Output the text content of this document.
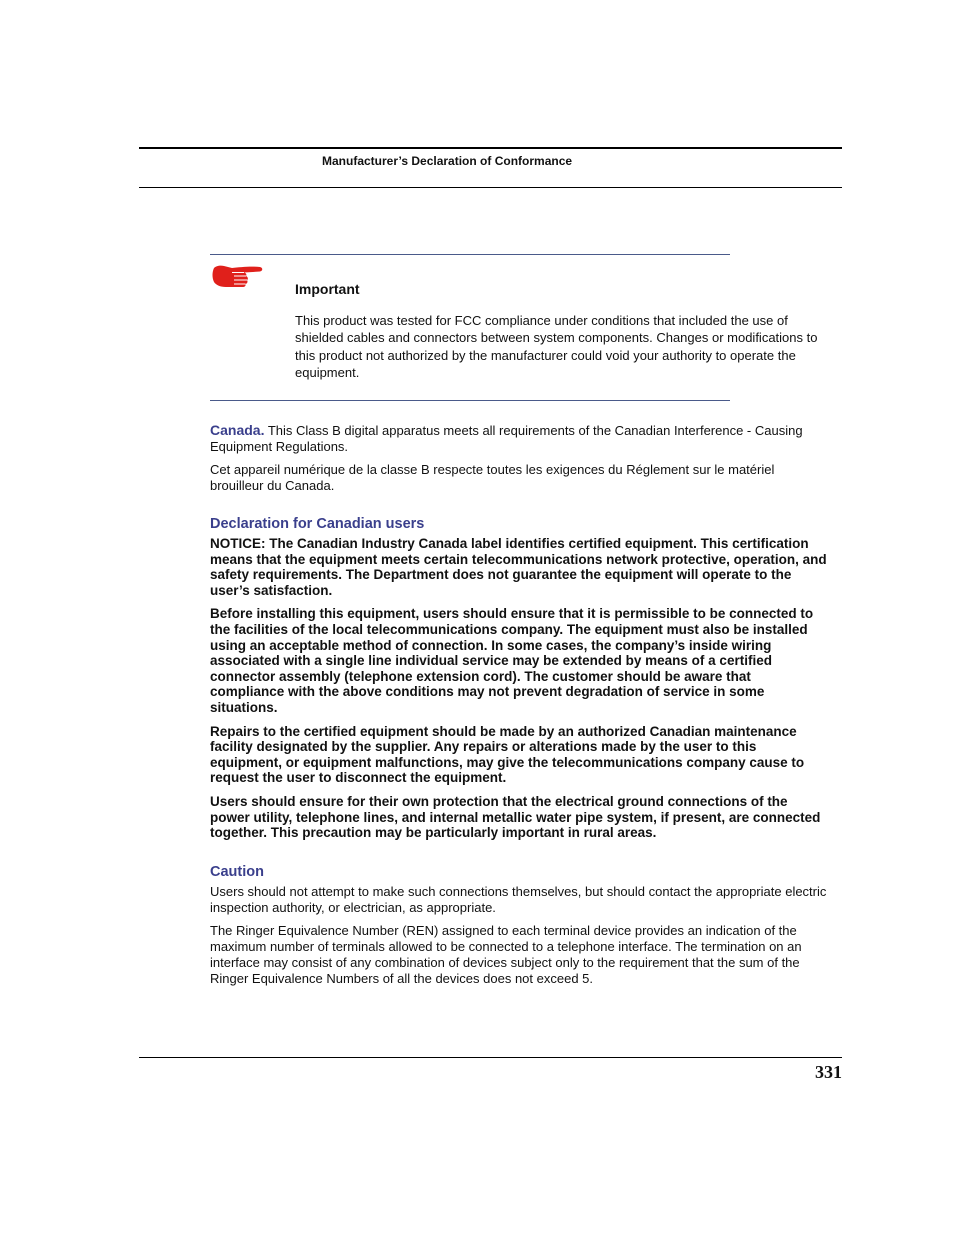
Manufacturer’s Declaration of Conformance
Important
This product was tested for FCC compliance under conditions that included the use of shielded cables and connectors between system components. Changes or modifications to this product not authorized by the manufacturer could void your authority to operate the equipment.

Canada. This Class B digital apparatus meets all requirements of the Canadian Interference - Causing Equipment Regulations.

Cet appareil numérique de la classe B respecte toutes les exigences du Réglement sur le matériel brouilleur du Canada.

Declaration for Canadian users

NOTICE: The Canadian Industry Canada label identifies certified equipment. This certification means that the equipment meets certain telecommunications network protective, operation, and safety requirements. The Department does not guarantee the equipment will operate to the user’s satisfaction.

Before installing this equipment, users should ensure that it is permissible to be connected to the facilities of the local telecommunications company. The equipment must also be installed using an acceptable method of connection. In some cases, the company’s inside wiring associated with a single line individual service may be extended by means of a certified connector assembly (telephone extension cord). The customer should be aware that compliance with the above conditions may not prevent degradation of service in some situations.

Repairs to the certified equipment should be made by an authorized Canadian maintenance facility designated by the supplier. Any repairs or alterations made by the user to this equipment, or equipment malfunctions, may give the telecommunications company cause to request the user to disconnect the equipment.

Users should ensure for their own protection that the electrical ground connections of the power utility, telephone lines, and internal metallic water pipe system, if present, are connected together. This precaution may be particularly important in rural areas.

Caution

Users should not attempt to make such connections themselves, but should contact the appropriate electric inspection authority, or electrician, as appropriate.

The Ringer Equivalence Number (REN) assigned to each terminal device provides an indication of the maximum number of terminals allowed to be connected to a telephone interface. The termination on an interface may consist of any combination of devices subject only to the requirement that the sum of the Ringer Equivalence Numbers of all the devices does not exceed 5.

331
